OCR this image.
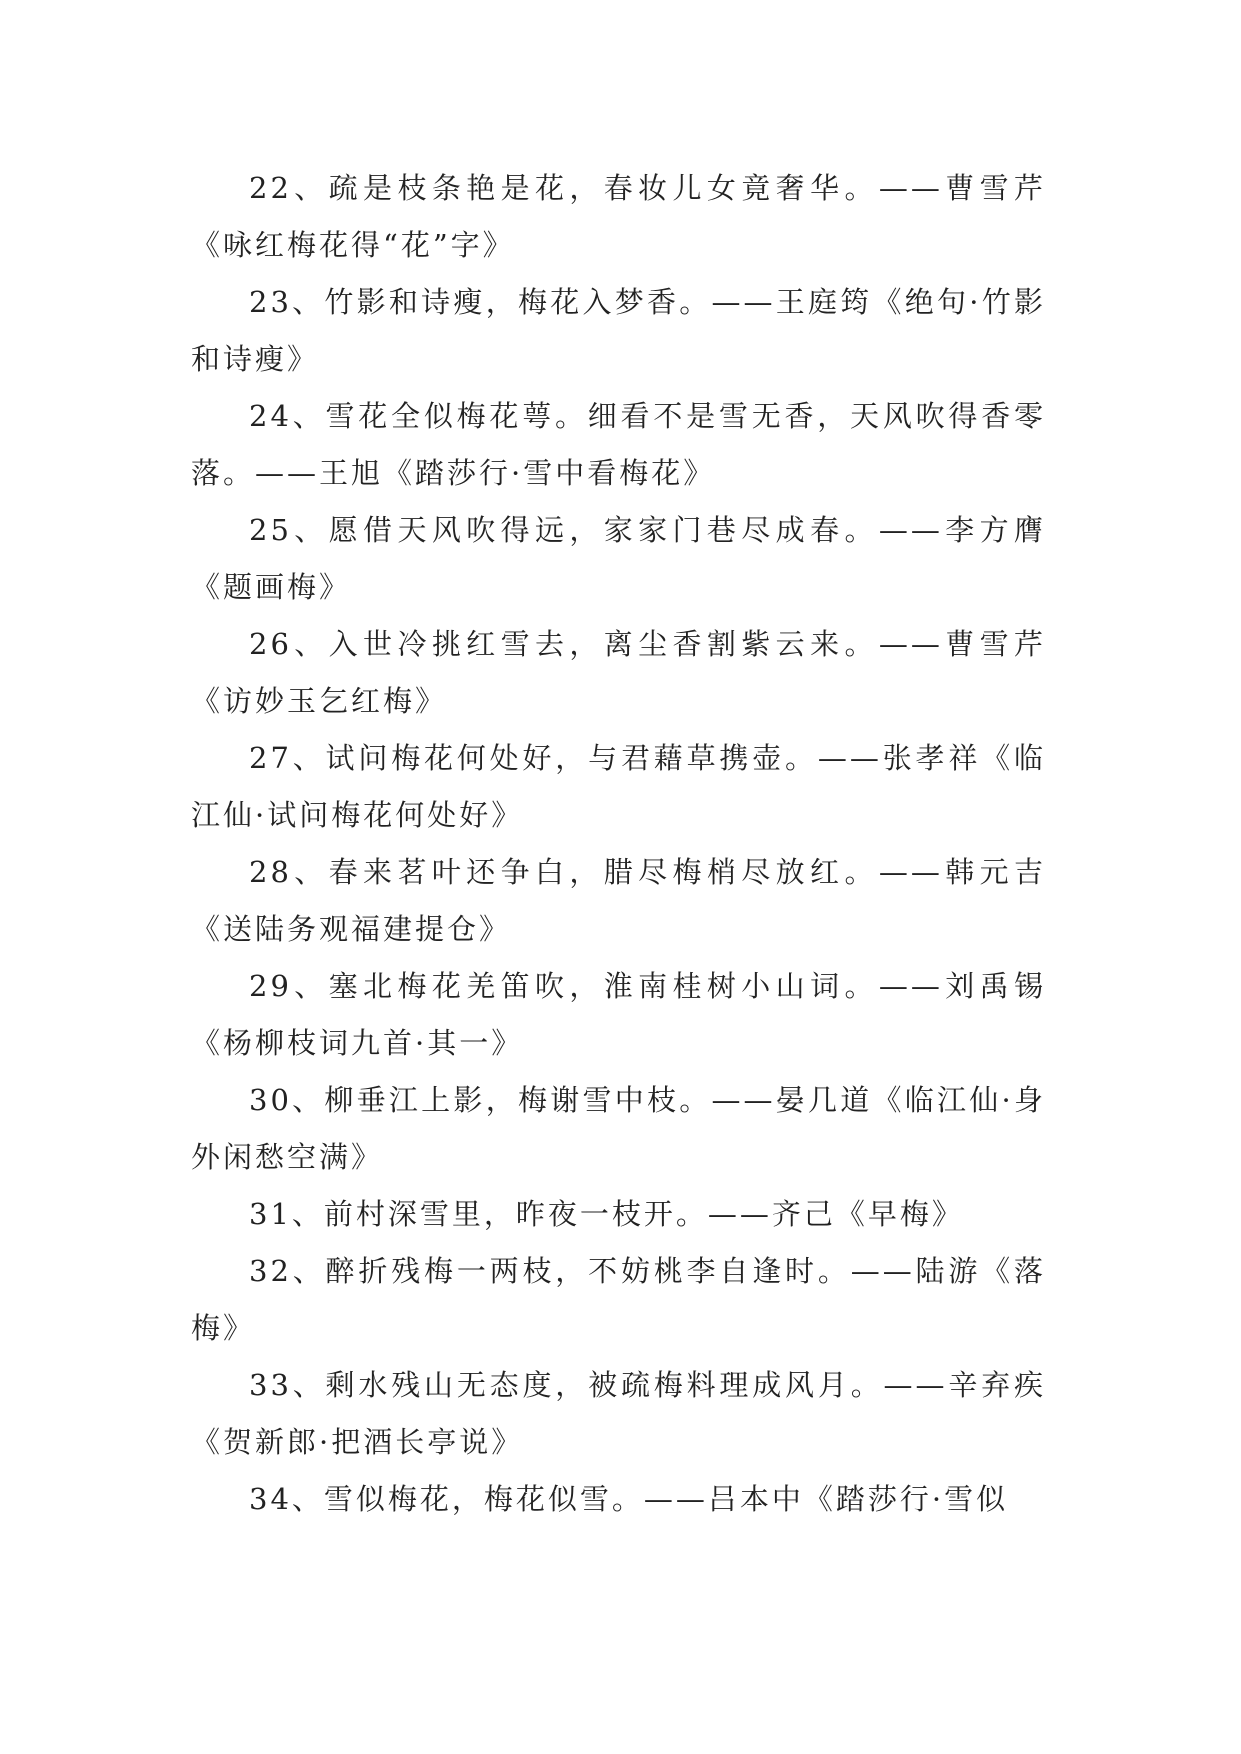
22、疏是枝条艳是花，春妆儿女竟奢华。——曹雪芹《咏红梅花得“花”字》

23、竹影和诗瘦，梅花入梦香。——王庭筠《绝句·竹影和诗瘦》

24、雪花全似梅花萼。细看不是雪无香，天风吹得香零落。——王旭《踏莎行·雪中看梅花》

25、愿借天风吹得远，家家门巷尽成春。——李方膺《题画梅》

26、入世冷挑红雪去，离尘香割紫云来。——曹雪芹《访妙玉乞红梅》

27、试问梅花何处好，与君藉草携壶。——张孝祥《临江仙·试问梅花何处好》

28、春来茗叶还争白，腊尽梅梢尽放红。——韩元吉《送陆务观福建提仓》

29、塞北梅花羌笛吹，淮南桂树小山词。——刘禹锡《杨柳枝词九首·其一》

30、柳垂江上影，梅谢雪中枝。——晏几道《临江仙·身外闲愁空满》

31、前村深雪里，昨夜一枝开。——齐己《早梅》

32、醉折残梅一两枝，不妨桃李自逢时。——陆游《落梅》

33、剩水残山无态度，被疏梅料理成风月。——辛弃疾《贺新郎·把酒长亭说》

34、雪似梅花，梅花似雪。——吕本中《踏莎行·雪似
